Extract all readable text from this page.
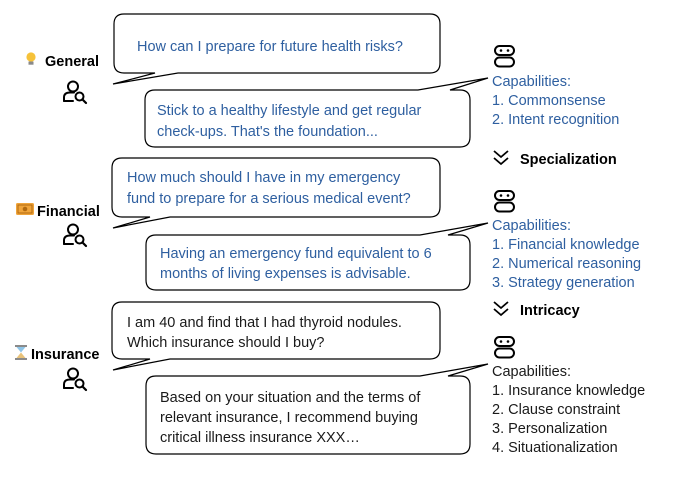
General
How can I prepare for future health risks?
Stick to a healthy lifestyle and get regular check-ups. That's the foundation...
Capabilities: 1. Commonsense 2. Intent recognition
Specialization
Financial
How much should I have in my emergency fund to prepare for a serious medical event?
Having an emergency fund equivalent to 6 months of living expenses is advisable.
Capabilities: 1. Financial knowledge 2. Numerical reasoning 3. Strategy generation
Intricacy
Insurance
I am 40 and find that I had thyroid nodules. Which insurance should I buy?
Based on your situation and the terms of relevant insurance, I recommend buying critical illness insurance XXX…
Capabilities: 1. Insurance knowledge 2. Clause constraint 3. Personalization 4. Situationalization
